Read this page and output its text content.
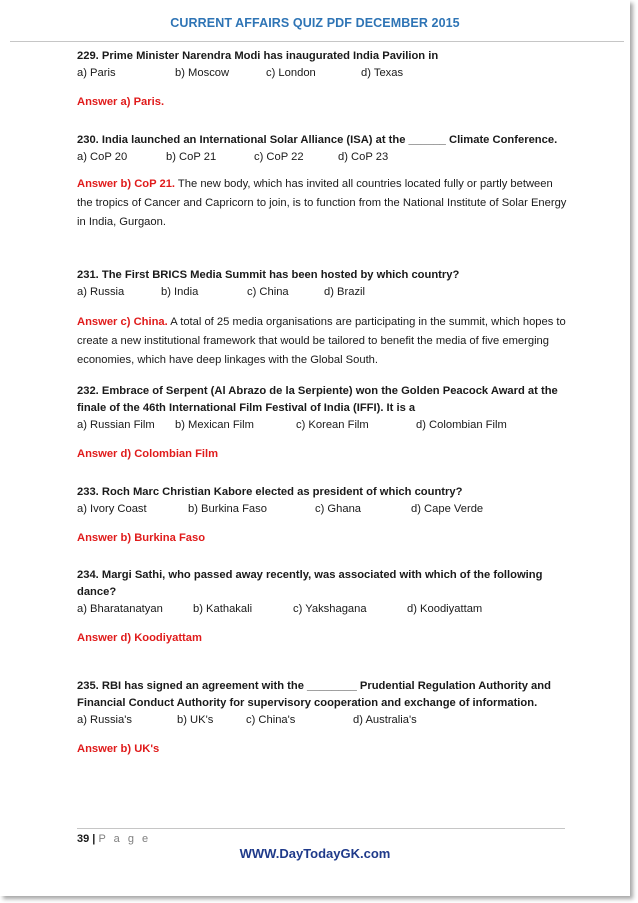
CURRENT AFFAIRS QUIZ PDF DECEMBER 2015
229. Prime Minister Narendra Modi has inaugurated India Pavilion in
a) Paris	b) Moscow	c) London	d) Texas
Answer a) Paris.
230. India launched an International Solar Alliance (ISA) at the ______ Climate Conference.
a) CoP 20	b) CoP 21	c) CoP 22	d) CoP 23
Answer b) CoP 21. The new body, which has invited all countries located fully or partly between the tropics of Cancer and Capricorn to join, is to function from the National Institute of Solar Energy in India, Gurgaon.
231. The First BRICS Media Summit has been hosted by which country?
a) Russia	b) India	c) China	d) Brazil
Answer c) China. A total of 25 media organisations are participating in the summit, which hopes to create a new institutional framework that would be tailored to benefit the media of five emerging economies, which have deep linkages with the Global South.
232. Embrace of Serpent (Al Abrazo de la Serpiente) won the Golden Peacock Award at the finale of the 46th International Film Festival of India (IFFI). It is a
a) Russian Film b) Mexican Film	c) Korean Film	d) Colombian Film
Answer d) Colombian Film
233. Roch Marc Christian Kabore elected as president of which country?
a) Ivory Coast	b) Burkina Faso	c) Ghana	d) Cape Verde
Answer b) Burkina Faso
234. Margi Sathi, who passed away recently, was associated with which of the following dance?
a) Bharatanatyan	b) Kathakali	c) Yakshagana	d) Koodiyattam
Answer d) Koodiyattam
235. RBI has signed an agreement with the ________ Prudential Regulation Authority and Financial Conduct Authority for supervisory cooperation and exchange of information.
a) Russia's	b) UK's	c) China's	d) Australia's
Answer b) UK's
39 | P a g e
WWW.DayTodayGK.com
